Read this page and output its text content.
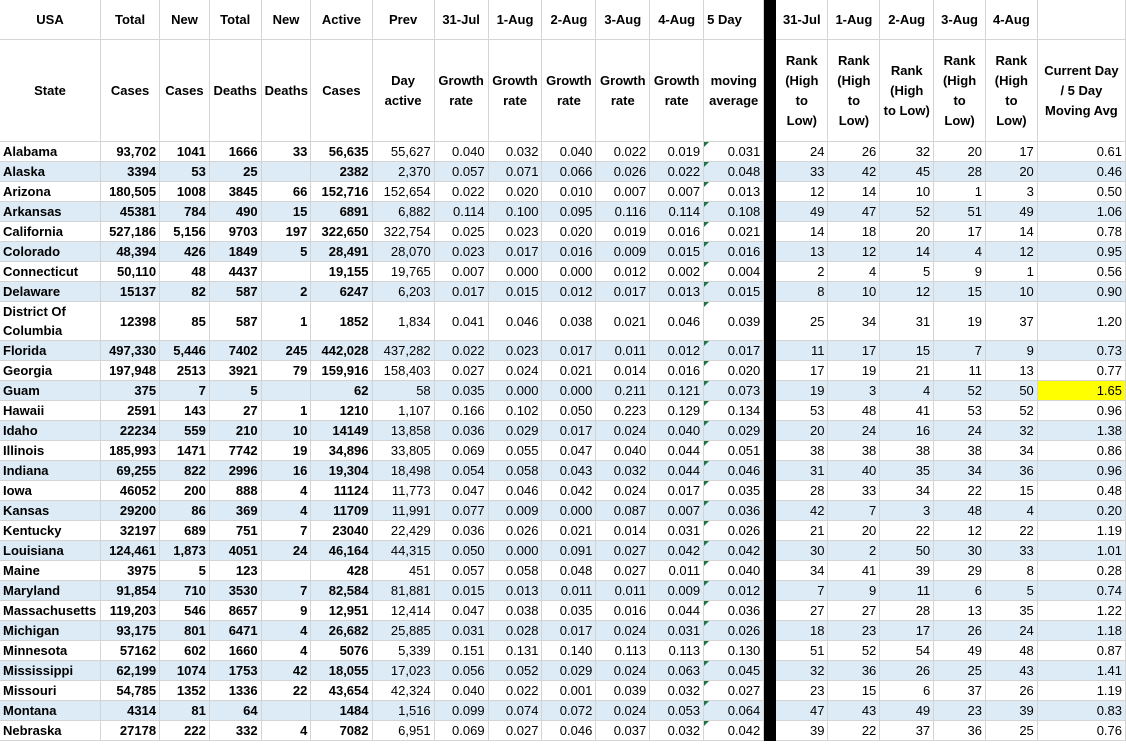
USA	Total	New	Total	New	Active	Prev	31-Jul	1-Aug	2-Aug	3-Aug	4-Aug	5 Day		31-Jul	1-Aug	2-Aug	3-Aug	4-Aug	
State	Cases	Cases	Deaths	Deaths	Cases	Day active	Growth rate	Growth rate	Growth rate	Growth rate	Growth rate	moving average		Rank (High to Low)	Rank (High to Low)	Rank (High to Low)	Rank (High to Low)	Rank (High to Low)	Current Day / 5 Day Moving Avg
Alabama	93,702	1041	1666	33	56,635	55,627	0.040	0.032	0.040	0.022	0.019	0.031		24	26	32	20	17	0.61
Alaska	3394	53	25		2382	2,370	0.057	0.071	0.066	0.026	0.022	0.048		33	42	45	28	20	0.46
Arizona	180,505	1008	3845	66	152,716	152,654	0.022	0.020	0.010	0.007	0.007	0.013		12	14	10	1	3	0.50
Arkansas	45381	784	490	15	6891	6,882	0.114	0.100	0.095	0.116	0.114	0.108		49	47	52	51	49	1.06
California	527,186	5,156	9703	197	322,650	322,754	0.025	0.023	0.020	0.019	0.016	0.021		14	18	20	17	14	0.78
Colorado	48,394	426	1849	5	28,491	28,070	0.023	0.017	0.016	0.009	0.015	0.016		13	12	14	4	12	0.95
Connecticut	50,110	48	4437		19,155	19,765	0.007	0.000	0.000	0.012	0.002	0.004		2	4	5	9	1	0.56
Delaware	15137	82	587	2	6247	6,203	0.017	0.015	0.012	0.017	0.013	0.015		8	10	12	15	10	0.90
District Of Columbia	12398	85	587	1	1852	1,834	0.041	0.046	0.038	0.021	0.046	0.039		25	34	31	19	37	1.20
Florida	497,330	5,446	7402	245	442,028	437,282	0.022	0.023	0.017	0.011	0.012	0.017		11	17	15	7	9	0.73
Georgia	197,948	2513	3921	79	159,916	158,403	0.027	0.024	0.021	0.014	0.016	0.020		17	19	21	11	13	0.77
Guam	375	7	5		62	58	0.035	0.000	0.000	0.211	0.121	0.073		19	3	4	52	50	1.65
Hawaii	2591	143	27	1	1210	1,107	0.166	0.102	0.050	0.223	0.129	0.134		53	48	41	53	52	0.96
Idaho	22234	559	210	10	14149	13,858	0.036	0.029	0.017	0.024	0.040	0.029		20	24	16	24	32	1.38
Illinois	185,993	1471	7742	19	34,896	33,805	0.069	0.055	0.047	0.040	0.044	0.051		38	38	38	38	34	0.86
Indiana	69,255	822	2996	16	19,304	18,498	0.054	0.058	0.043	0.032	0.044	0.046		31	40	35	34	36	0.96
Iowa	46052	200	888	4	11124	11,773	0.047	0.046	0.042	0.024	0.017	0.035		28	33	34	22	15	0.48
Kansas	29200	86	369	4	11709	11,991	0.077	0.009	0.000	0.087	0.007	0.036		42	7	3	48	4	0.20
Kentucky	32197	689	751	7	23040	22,429	0.036	0.026	0.021	0.014	0.031	0.026		21	20	22	12	22	1.19
Louisiana	124,461	1,873	4051	24	46,164	44,315	0.050	0.000	0.091	0.027	0.042	0.042		30	2	50	30	33	1.01
Maine	3975	5	123		428	451	0.057	0.058	0.048	0.027	0.011	0.040		34	41	39	29	8	0.28
Maryland	91,854	710	3530	7	82,584	81,881	0.015	0.013	0.011	0.011	0.009	0.012		7	9	11	6	5	0.74
Massachusetts	119,203	546	8657	9	12,951	12,414	0.047	0.038	0.035	0.016	0.044	0.036		27	27	28	13	35	1.22
Michigan	93,175	801	6471	4	26,682	25,885	0.031	0.028	0.017	0.024	0.031	0.026		18	23	17	26	24	1.18
Minnesota	57162	602	1660	4	5076	5,339	0.151	0.131	0.140	0.113	0.113	0.130		51	52	54	49	48	0.87
Mississippi	62,199	1074	1753	42	18,055	17,023	0.056	0.052	0.029	0.024	0.063	0.045		32	36	26	25	43	1.41
Missouri	54,785	1352	1336	22	43,654	42,324	0.040	0.022	0.001	0.039	0.032	0.027		23	15	6	37	26	1.19
Montana	4314	81	64		1484	1,516	0.099	0.074	0.072	0.024	0.053	0.064		47	43	49	23	39	0.83
Nebraska	27178	222	332	4	7082	6,951	0.069	0.027	0.046	0.037	0.032	0.042		39	22	37	36	25	0.76
